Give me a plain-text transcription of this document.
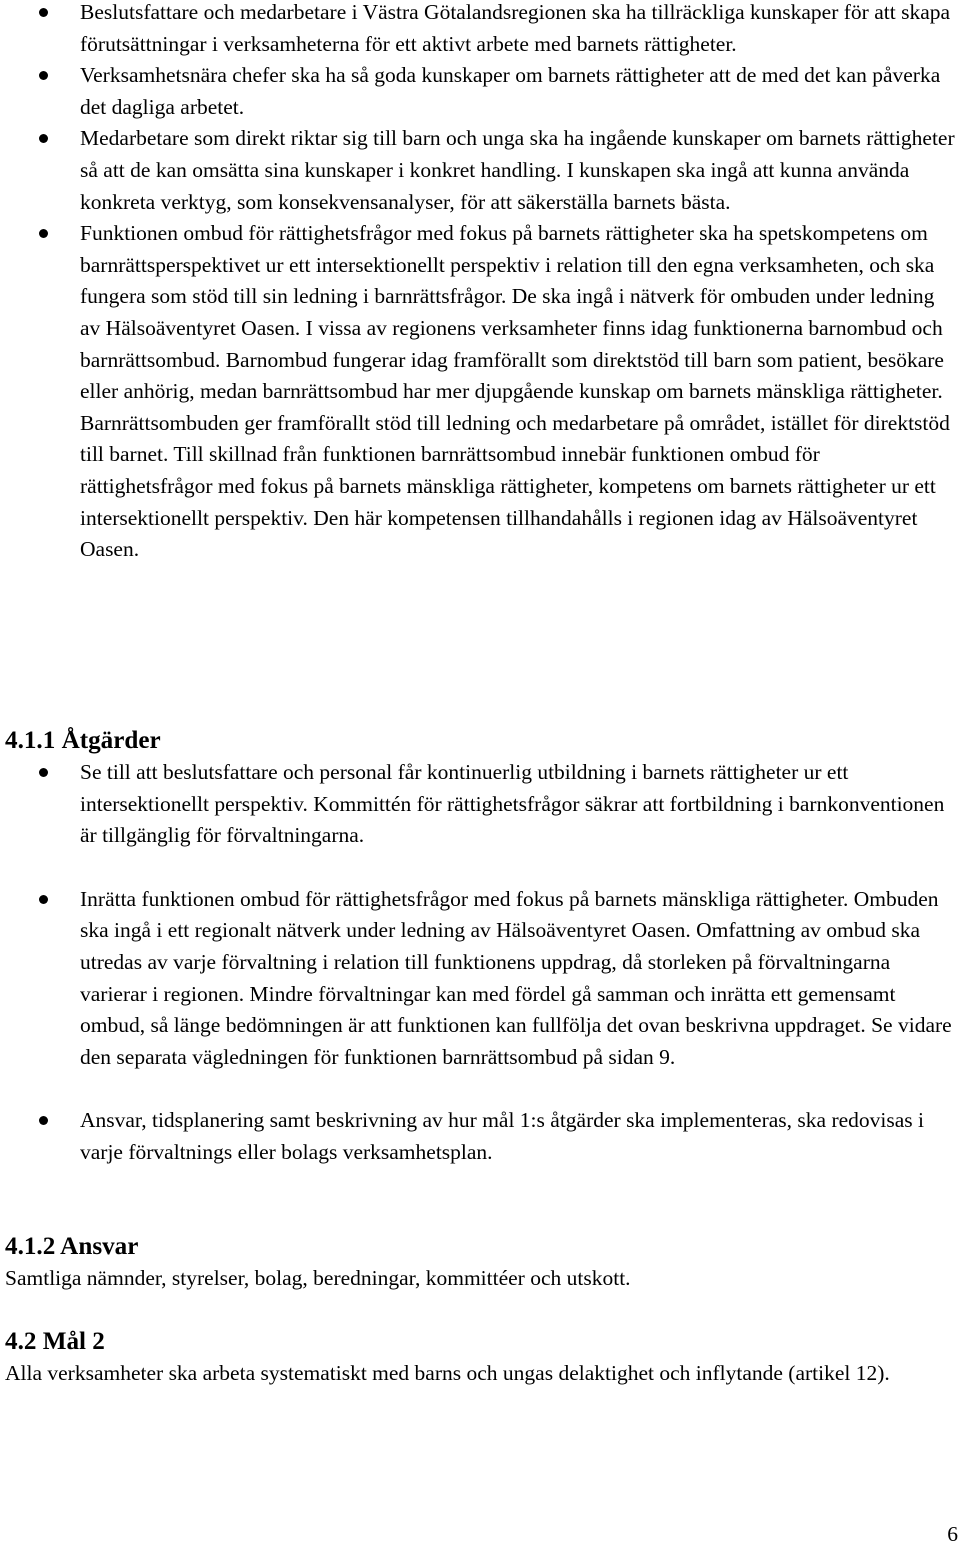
Beslutsfattare och medarbetare i Västra Götalandsregionen ska ha tillräckliga kunskaper för att skapa förutsättningar i verksamheterna för ett aktivt arbete med barnets rättigheter.

Verksamhetsnära chefer ska ha så goda kunskaper om barnets rättigheter att de med det kan påverka det dagliga arbetet.

Medarbetare som direkt riktar sig till barn och unga ska ha ingående kunskaper om barnets rättigheter så att de kan omsätta sina kunskaper i konkret handling. I kunskapen ska ingå att kunna använda konkreta verktyg, som konsekvensanalyser, för att säkerställa barnets bästa.

Funktionen ombud för rättighetsfrågor med fokus på barnets rättigheter ska ha spetskompetens om barnrättsperspektivet ur ett intersektionellt perspektiv i relation till den egna verksamheten, och ska fungera som stöd till sin ledning i barnrättsfrågor. De ska ingå i nätverk för ombuden under ledning av Hälsoäventyret Oasen. I vissa av regionens verksamheter finns idag funktionerna barnombud och barnrättsombud. Barnombud fungerar idag framförallt som direktstöd till barn som patient, besökare eller anhörig, medan barnrättsombud har mer djupgående kunskap om barnets mänskliga rättigheter. Barnrättsombuden ger framförallt stöd till ledning och medarbetare på området, istället för direktstöd till barnet. Till skillnad från funktionen barnrättsombud innebär funktionen ombud för rättighetsfrågor med fokus på barnets mänskliga rättigheter, kompetens om barnets rättigheter ur ett intersektionellt perspektiv. Den här kompetensen tillhandahålls i regionen idag av Hälsoäventyret Oasen.

4.1.1 Åtgärder

Se till att beslutsfattare och personal får kontinuerlig utbildning i barnets rättigheter ur ett intersektionellt perspektiv. Kommittén för rättighetsfrågor säkrar att fortbildning i barnkonventionen är tillgänglig för förvaltningarna.

Inrätta funktionen ombud för rättighetsfrågor med fokus på barnets mänskliga rättigheter. Ombuden ska ingå i ett regionalt nätverk under ledning av Hälsoäventyret Oasen. Omfattning av ombud ska utredas av varje förvaltning i relation till funktionens uppdrag, då storleken på förvaltningarna varierar i regionen. Mindre förvaltningar kan med fördel gå samman och inrätta ett gemensamt ombud, så länge bedömningen är att funktionen kan fullfölja det ovan beskrivna uppdraget. Se vidare den separata vägledningen för funktionen barnrättsombud på sidan 9.

Ansvar, tidsplanering samt beskrivning av hur mål 1:s åtgärder ska implementeras, ska redovisas i varje förvaltnings eller bolags verksamhetsplan.

4.1.2 Ansvar

Samtliga nämnder, styrelser, bolag, beredningar, kommittéer och utskott.

4.2 Mål 2

Alla verksamheter ska arbeta systematiskt med barns och ungas delaktighet och inflytande (artikel 12).

6
